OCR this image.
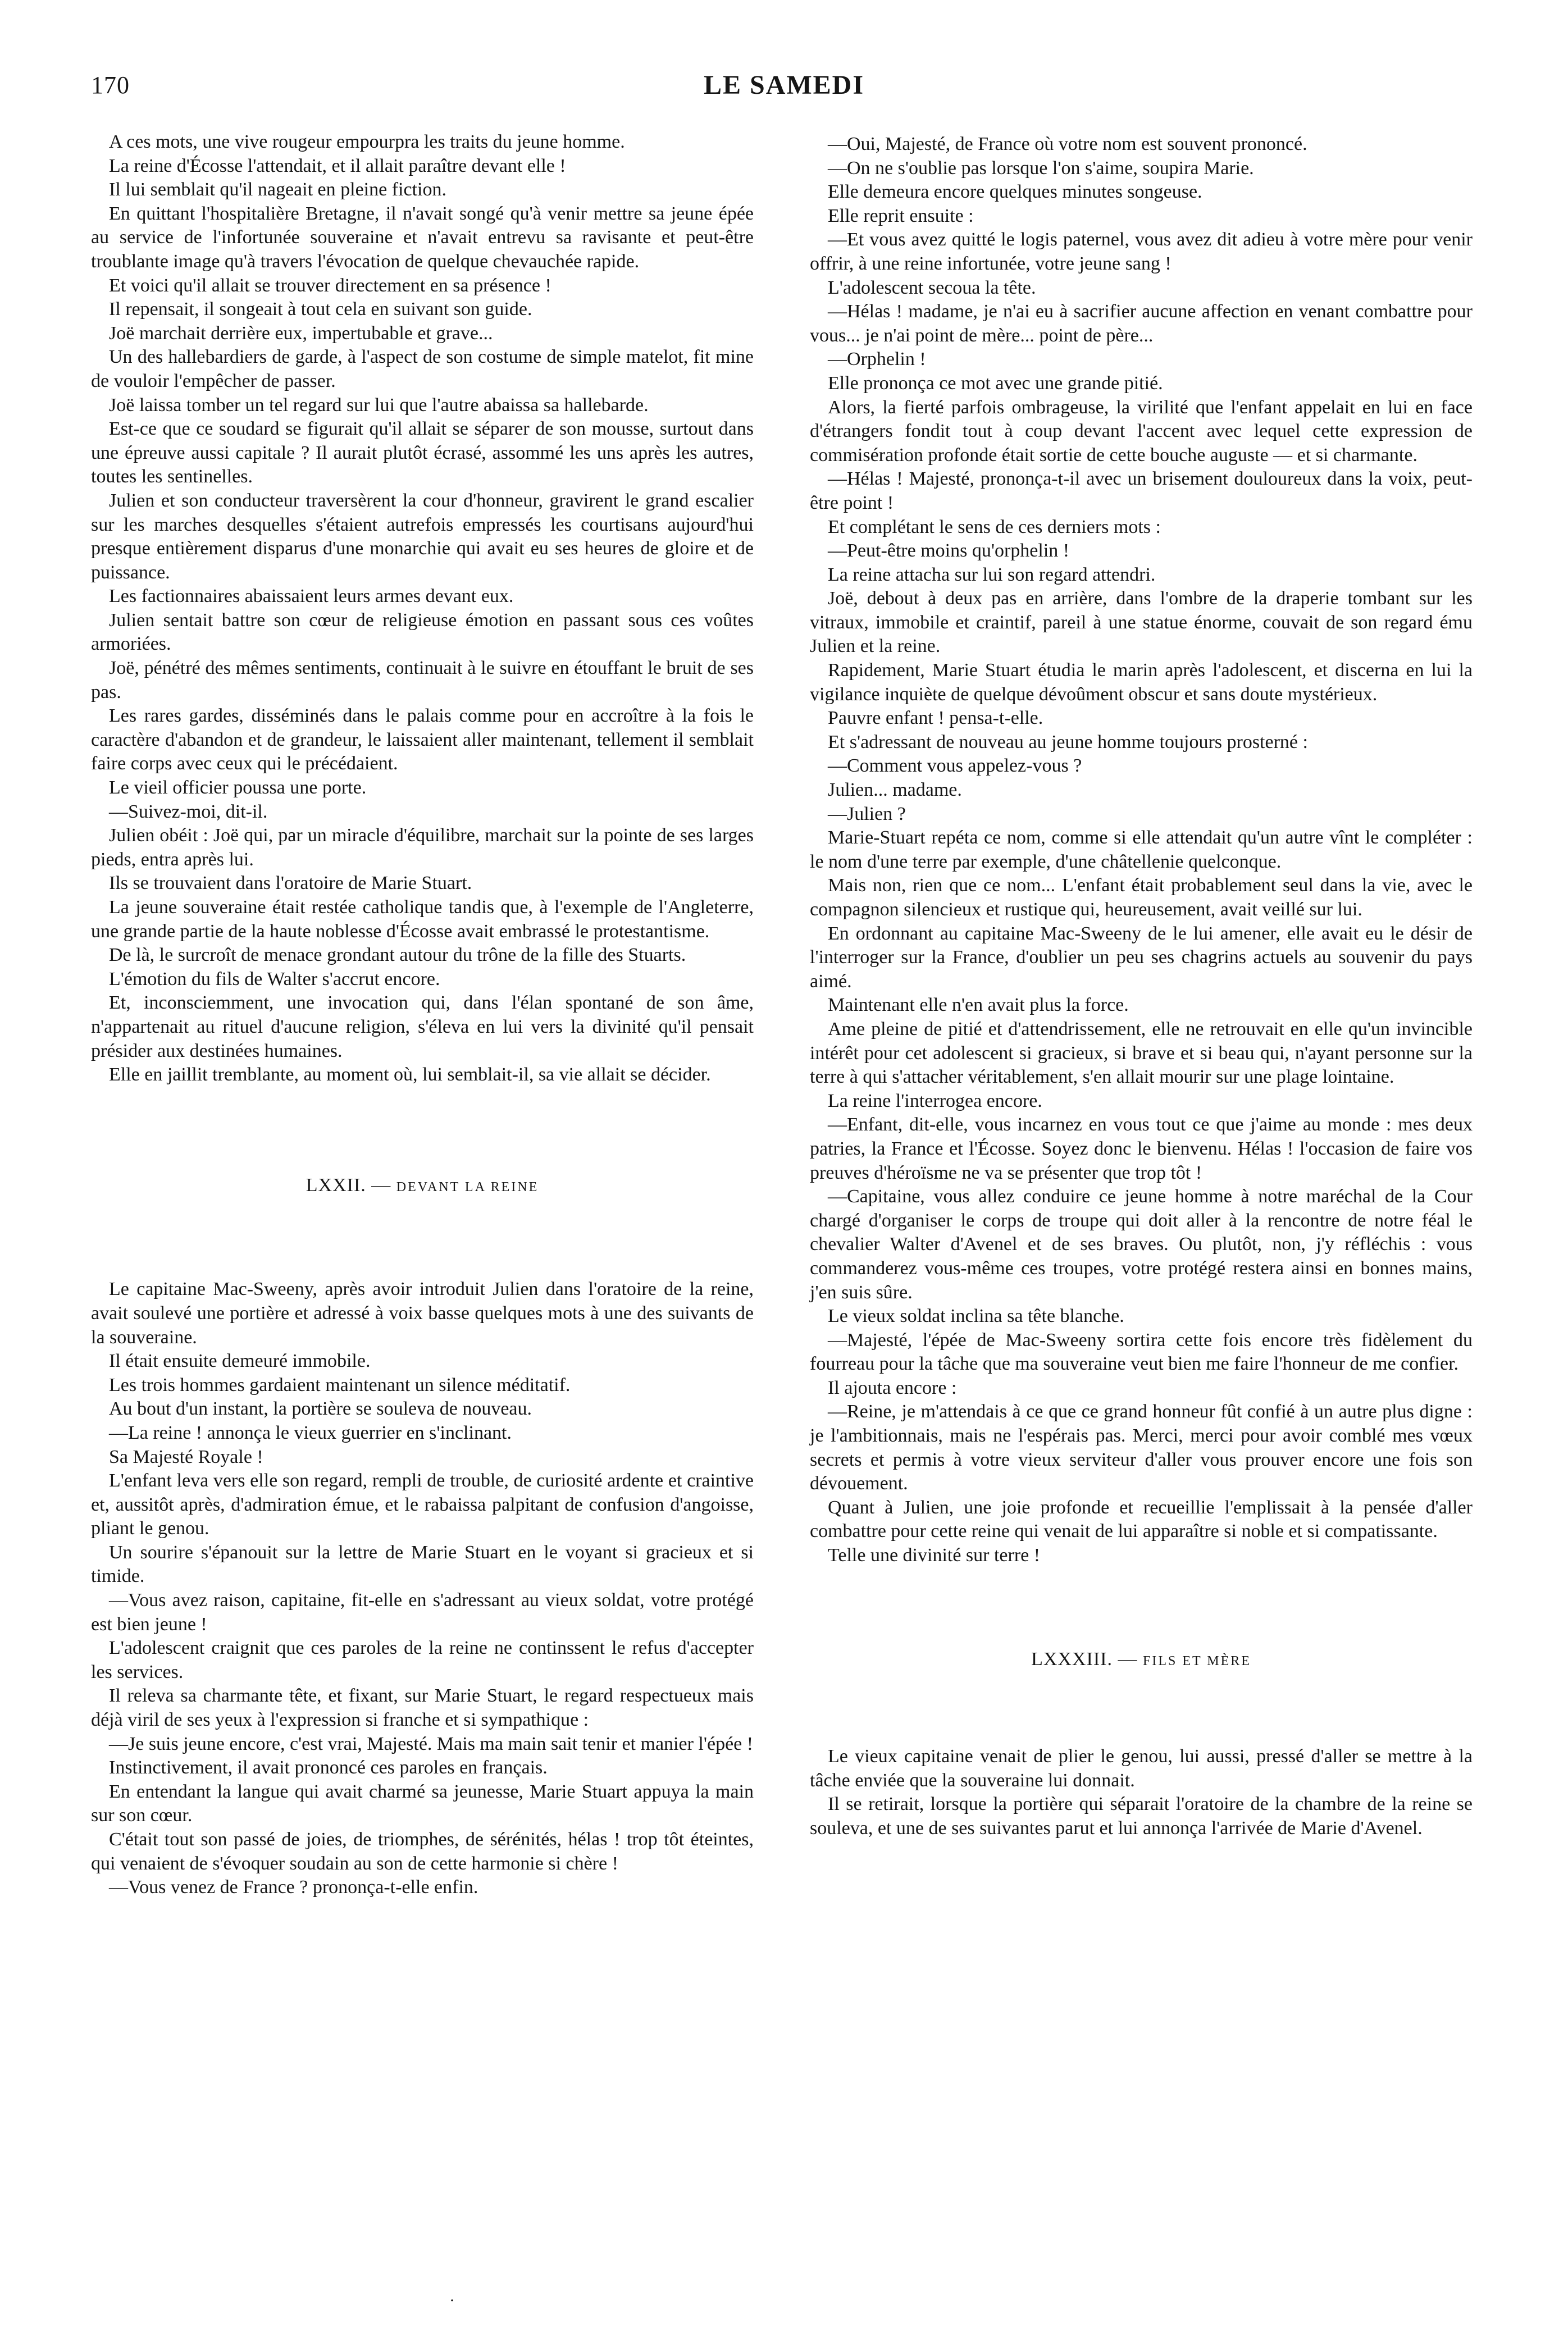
170	LE SAMEDI

A ces mots, une vive rougeur empourpra les traits du jeune homme.

La reine d'Écosse l'attendait, et il allait paraître devant elle !

Il lui semblait qu'il nageait en pleine fiction.

En quittant l'hospitalière Bretagne, il n'avait songé qu'à venir mettre sa jeune épée au service de l'infortunée souveraine et n'avait entrevu sa ravisante et peut-être troublante image qu'à travers l'évocation de quelque chevauchée rapide.

Et voici qu'il allait se trouver directement en sa présence !

Il repensait, il songeait à tout cela en suivant son guide.

Joë marchait derrière eux, impertubable et grave...

Un des hallebardiers de garde, à l'aspect de son costume de simple matelot, fit mine de vouloir l'empêcher de passer.

Joë laissa tomber un tel regard sur lui que l'autre abaissa sa hallebarde.

Est-ce que ce soudard se figurait qu'il allait se séparer de son mousse, surtout dans une épreuve aussi capitale ? Il aurait plutôt écrasé, assommé les uns après les autres, toutes les sentinelles.

Julien et son conducteur traversèrent la cour d'honneur, gravirent le grand escalier sur les marches desquelles s'étaient autrefois empressés les courtisans aujourd'hui presque entièrement disparus d'une monarchie qui avait eu ses heures de gloire et de puissance.

Les factionnaires abaissaient leurs armes devant eux.

Julien sentait battre son cœur de religieuse émotion en passant sous ces voûtes armoriées.

Joë, pénétré des mêmes sentiments, continuait à le suivre en étouffant le bruit de ses pas.

Les rares gardes, disséminés dans le palais comme pour en accroître à la fois le caractère d'abandon et de grandeur, le laissaient aller maintenant, tellement il semblait faire corps avec ceux qui le précédaient.

Le vieil officier poussa une porte.

—Suivez-moi, dit-il.

Julien obéit : Joë qui, par un miracle d'équilibre, marchait sur la pointe de ses larges pieds, entra après lui.

Ils se trouvaient dans l'oratoire de Marie Stuart.

La jeune souveraine était restée catholique tandis que, à l'exemple de l'Angleterre, une grande partie de la haute noblesse d'Écosse avait embrassé le protestantisme.

De là, le surcroît de menace grondant autour du trône de la fille des Stuarts.

L'émotion du fils de Walter s'accrut encore.

Et, inconsciemment, une invocation qui, dans l'élan spontané de son âme, n'appartenait au rituel d'aucune religion, s'éleva en lui vers la divinité qu'il pensait présider aux destinées humaines.

Elle en jaillit tremblante, au moment où, lui semblait-il, sa vie allait se décider.

LXXII. — DEVANT LA REINE

Le capitaine Mac-Sweeny, après avoir introduit Julien dans l'oratoire de la reine, avait soulevé une portière et adressé à voix basse quelques mots à une des suivants de la souveraine.

Il était ensuite demeuré immobile.

Les trois hommes gardaient maintenant un silence méditatif.

Au bout d'un instant, la portière se souleva de nouveau.

—La reine ! annonça le vieux guerrier en s'inclinant.

Sa Majesté Royale !

L'enfant leva vers elle son regard, rempli de trouble, de curiosité ardente et craintive et, aussitôt après, d'admiration émue, et le rabaissa palpitant de confusion d'angoisse, pliant le genou.

Un sourire s'épanouit sur la lettre de Marie Stuart en le voyant si gracieux et si timide.

—Vous avez raison, capitaine, fit-elle en s'adressant au vieux soldat, votre protégé est bien jeune !

L'adolescent craignit que ces paroles de la reine ne continssent le refus d'accepter les services.

Il releva sa charmante tête, et fixant, sur Marie Stuart, le regard respectueux mais déjà viril de ses yeux à l'expression si franche et si sympathique :

—Je suis jeune encore, c'est vrai, Majesté. Mais ma main sait tenir et manier l'épée !

Instinctivement, il avait prononcé ces paroles en français.

En entendant la langue qui avait charmé sa jeunesse, Marie Stuart appuya la main sur son cœur.

C'était tout son passé de joies, de triomphes, de sérénités, hélas ! trop tôt éteintes, qui venaient de s'évoquer soudain au son de cette harmonie si chère !

—Vous venez de France ? prononça-t-elle enfin.

—Oui, Majesté, de France où votre nom est souvent prononcé.

—On ne s'oublie pas lorsque l'on s'aime, soupira Marie.

Elle demeura encore quelques minutes songeuse.

Elle reprit ensuite :

—Et vous avez quitté le logis paternel, vous avez dit adieu à votre mère pour venir offrir, à une reine infortunée, votre jeune sang !

L'adolescent secoua la tête.

—Hélas ! madame, je n'ai eu à sacrifier aucune affection en venant combattre pour vous... je n'ai point de mère... point de père...

—Orphelin !

Elle prononça ce mot avec une grande pitié.

Alors, la fierté parfois ombrageuse, la virilité que l'enfant appelait en lui en face d'étrangers fondit tout à coup devant l'accent avec lequel cette expression de commisération profonde était sortie de cette bouche auguste — et si charmante.

—Hélas ! Majesté, prononça-t-il avec un brisement douloureux dans la voix, peut-être point !

Et complétant le sens de ces derniers mots :

—Peut-être moins qu'orphelin !

La reine attacha sur lui son regard attendri.

Joë, debout à deux pas en arrière, dans l'ombre de la draperie tombant sur les vitraux, immobile et craintif, pareil à une statue énorme, couvait de son regard ému Julien et la reine.

Rapidement, Marie Stuart étudia le marin après l'adolescent, et discerna en lui la vigilance inquiète de quelque dévoûment obscur et sans doute mystérieux.

Pauvre enfant ! pensa-t-elle.

Et s'adressant de nouveau au jeune homme toujours prosterné :

—Comment vous appelez-vous ?

Julien... madame.

—Julien ?

Marie-Stuart repéta ce nom, comme si elle attendait qu'un autre vînt le compléter : le nom d'une terre par exemple, d'une châtellenie quelconque.

Mais non, rien que ce nom... L'enfant était probablement seul dans la vie, avec le compagnon silencieux et rustique qui, heureusement, avait veillé sur lui.

En ordonnant au capitaine Mac-Sweeny de le lui amener, elle avait eu le désir de l'interroger sur la France, d'oublier un peu ses chagrins actuels au souvenir du pays aimé.

Maintenant elle n'en avait plus la force.

Ame pleine de pitié et d'attendrissement, elle ne retrouvait en elle qu'un invincible intérêt pour cet adolescent si gracieux, si brave et si beau qui, n'ayant personne sur la terre à qui s'attacher véritablement, s'en allait mourir sur une plage lointaine.

La reine l'interrogea encore.

—Enfant, dit-elle, vous incarnez en vous tout ce que j'aime au monde : mes deux patries, la France et l'Écosse. Soyez donc le bienvenu. Hélas ! l'occasion de faire vos preuves d'héroïsme ne va se présenter que trop tôt !

—Capitaine, vous allez conduire ce jeune homme à notre maréchal de la Cour chargé d'organiser le corps de troupe qui doit aller à la rencontre de notre féal le chevalier Walter d'Avenel et de ses braves. Ou plutôt, non, j'y réfléchis : vous commanderez vous-même ces troupes, votre protégé restera ainsi en bonnes mains, j'en suis sûre.

Le vieux soldat inclina sa tête blanche.

—Majesté, l'épée de Mac-Sweeny sortira cette fois encore très fidèlement du fourreau pour la tâche que ma souveraine veut bien me faire l'honneur de me confier.

Il ajouta encore :

—Reine, je m'attendais à ce que ce grand honneur fût confié à un autre plus digne : je l'ambitionnais, mais ne l'espérais pas. Merci, merci pour avoir comblé mes vœux secrets et permis à votre vieux serviteur d'aller vous prouver encore une fois son dévouement.

Quant à Julien, une joie profonde et recueillie l'emplissait à la pensée d'aller combattre pour cette reine qui venait de lui apparaître si noble et si compatissante.

Telle une divinité sur terre !

LXXXIII. — FILS ET MÈRE

Le vieux capitaine venait de plier le genou, lui aussi, pressé d'aller se mettre à la tâche enviée que la souveraine lui donnait.

Il se retirait, lorsque la portière qui séparait l'oratoire de la chambre de la reine se souleva, et une de ses suivantes parut et lui annonça l'arrivée de Marie d'Avenel.

·
